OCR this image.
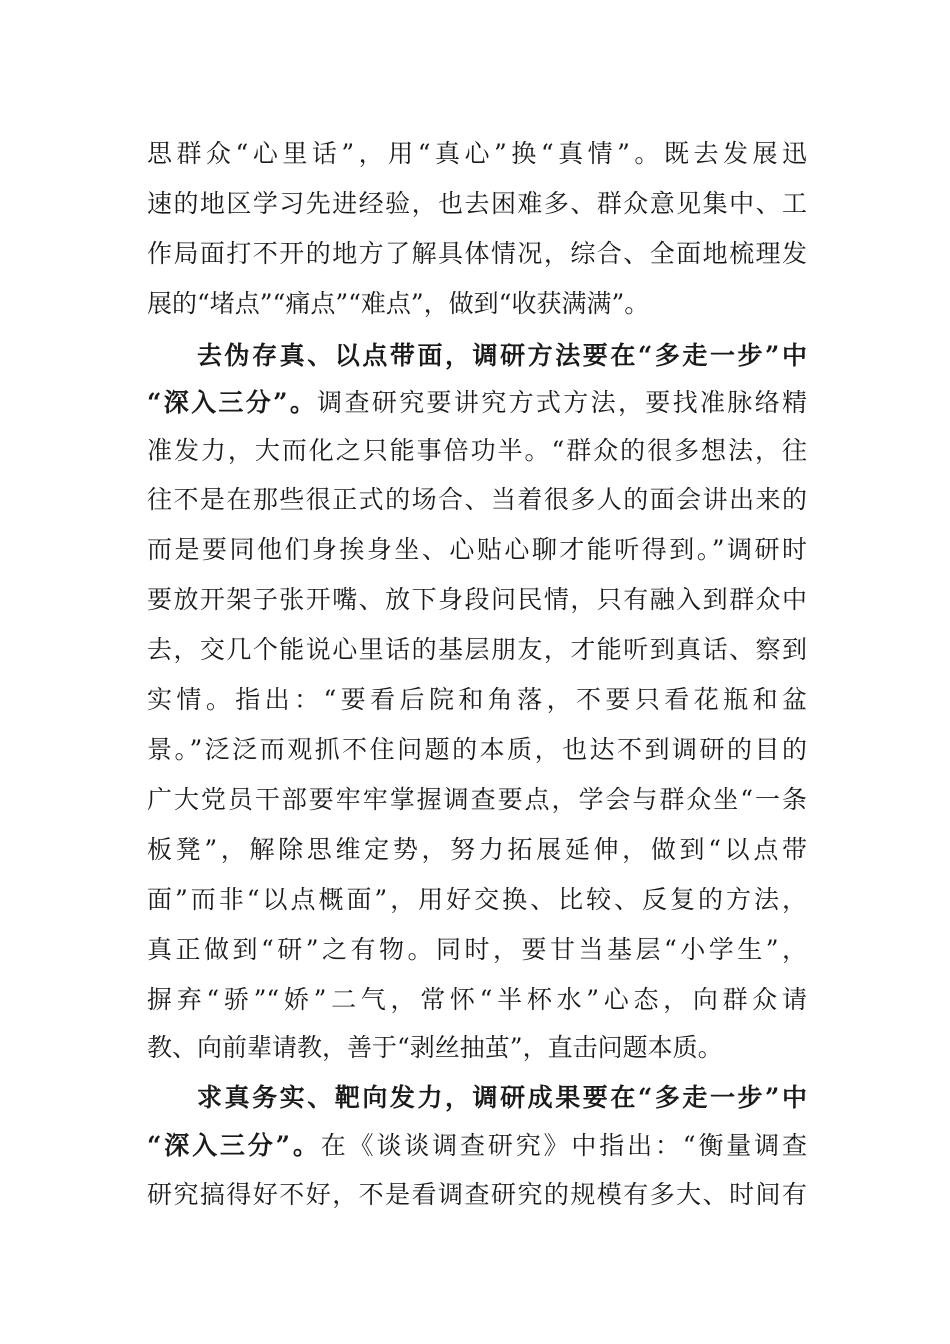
思群众“心里话”，用“真心”换“真情”。既去发展迅
速的地区学习先进经验，也去困难多、群众意见集中、工
作局面打不开的地方了解具体情况，综合、全面地梳理发
展的“堵点”“痛点”“难点”，做到“收获满满”。
去伪存真、以点带面，调研方法要在“多走一步”中
“深入三分”。调查研究要讲究方式方法，要找准脉络精
准发力，大而化之只能事倍功半。“群众的很多想法，往
往不是在那些很正式的场合、当着很多人的面会讲出来的
而是要同他们身挨身坐、心贴心聊才能听得到。”调研时
要放开架子张开嘴、放下身段问民情，只有融入到群众中
去，交几个能说心里话的基层朋友，才能听到真话、察到
实情。指出：“要看后院和角落，不要只看花瓶和盆
景。”泛泛而观抓不住问题的本质，也达不到调研的目的
广大党员干部要牢牢掌握调查要点，学会与群众坐“一条
板凳”，解除思维定势，努力拓展延伸，做到“以点带
面”而非“以点概面”，用好交换、比较、反复的方法，
真正做到“研”之有物。同时，要甘当基层“小学生”，
摒弃“骄”“娇”二气，常怀“半杯水”心态，向群众请
教、向前辈请教，善于“剥丝抽茧”，直击问题本质。
求真务实、靶向发力，调研成果要在“多走一步”中
“深入三分”。在《谈谈调查研究》中指出：“衡量调查
研究搞得好不好，不是看调查研究的规模有多大、时间有
